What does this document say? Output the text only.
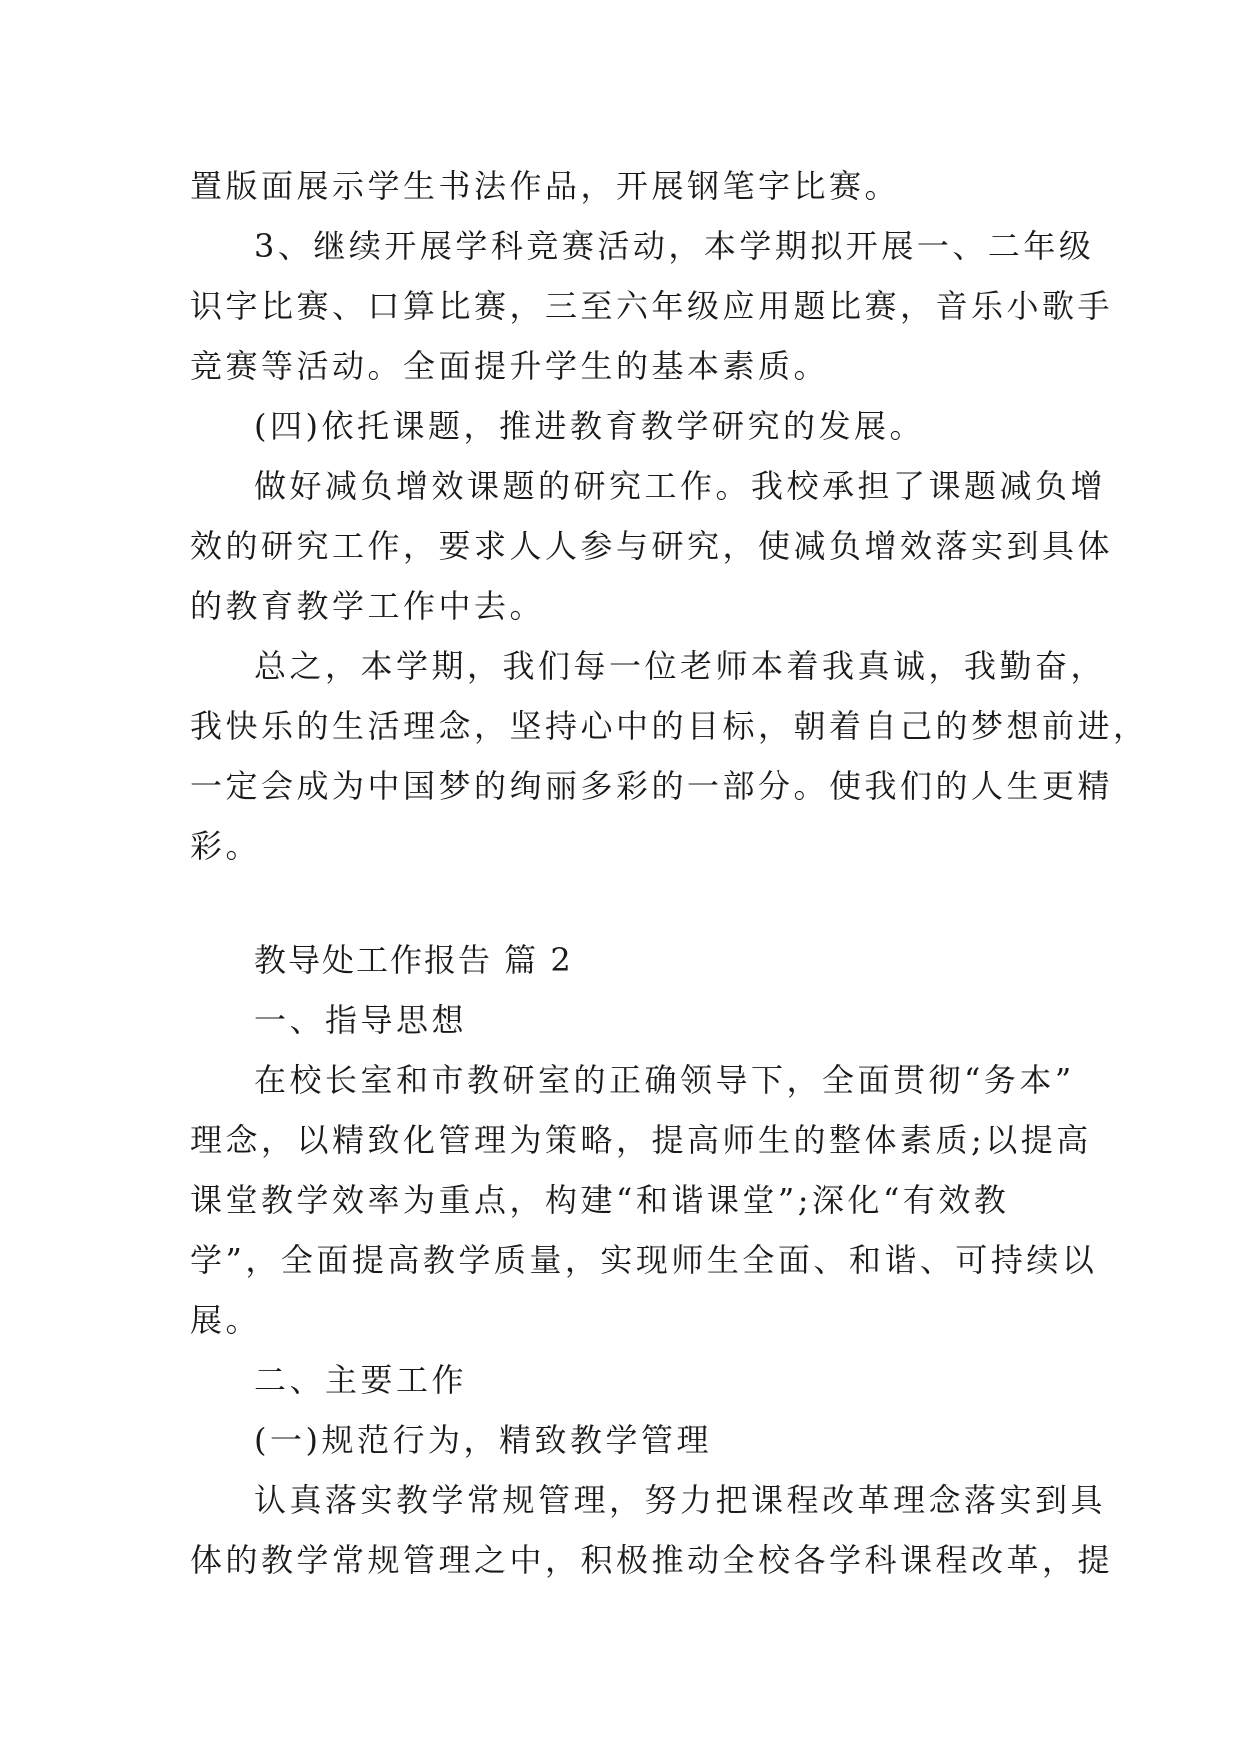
置版面展示学生书法作品，开展钢笔字比赛。
3、继续开展学科竞赛活动，本学期拟开展一、二年级
识字比赛、口算比赛，三至六年级应用题比赛，音乐小歌手
竞赛等活动。全面提升学生的基本素质。
(四)依托课题，推进教育教学研究的发展。
做好减负增效课题的研究工作。我校承担了课题减负增
效的研究工作，要求人人参与研究，使减负增效落实到具体
的教育教学工作中去。
总之，本学期，我们每一位老师本着我真诚，我勤奋，
我快乐的生活理念，坚持心中的目标，朝着自己的梦想前进，
一定会成为中国梦的绚丽多彩的一部分。使我们的人生更精
彩。
教导处工作报告 篇 2
一、指导思想
在校长室和市教研室的正确领导下，全面贯彻“务本”
理念，以精致化管理为策略，提高师生的整体素质;以提高
课堂教学效率为重点，构建“和谐课堂”;深化“有效教
学”，全面提高教学质量，实现师生全面、和谐、可持续以
展。
二、主要工作
(一)规范行为，精致教学管理
认真落实教学常规管理，努力把课程改革理念落实到具
体的教学常规管理之中，积极推动全校各学科课程改革，提
